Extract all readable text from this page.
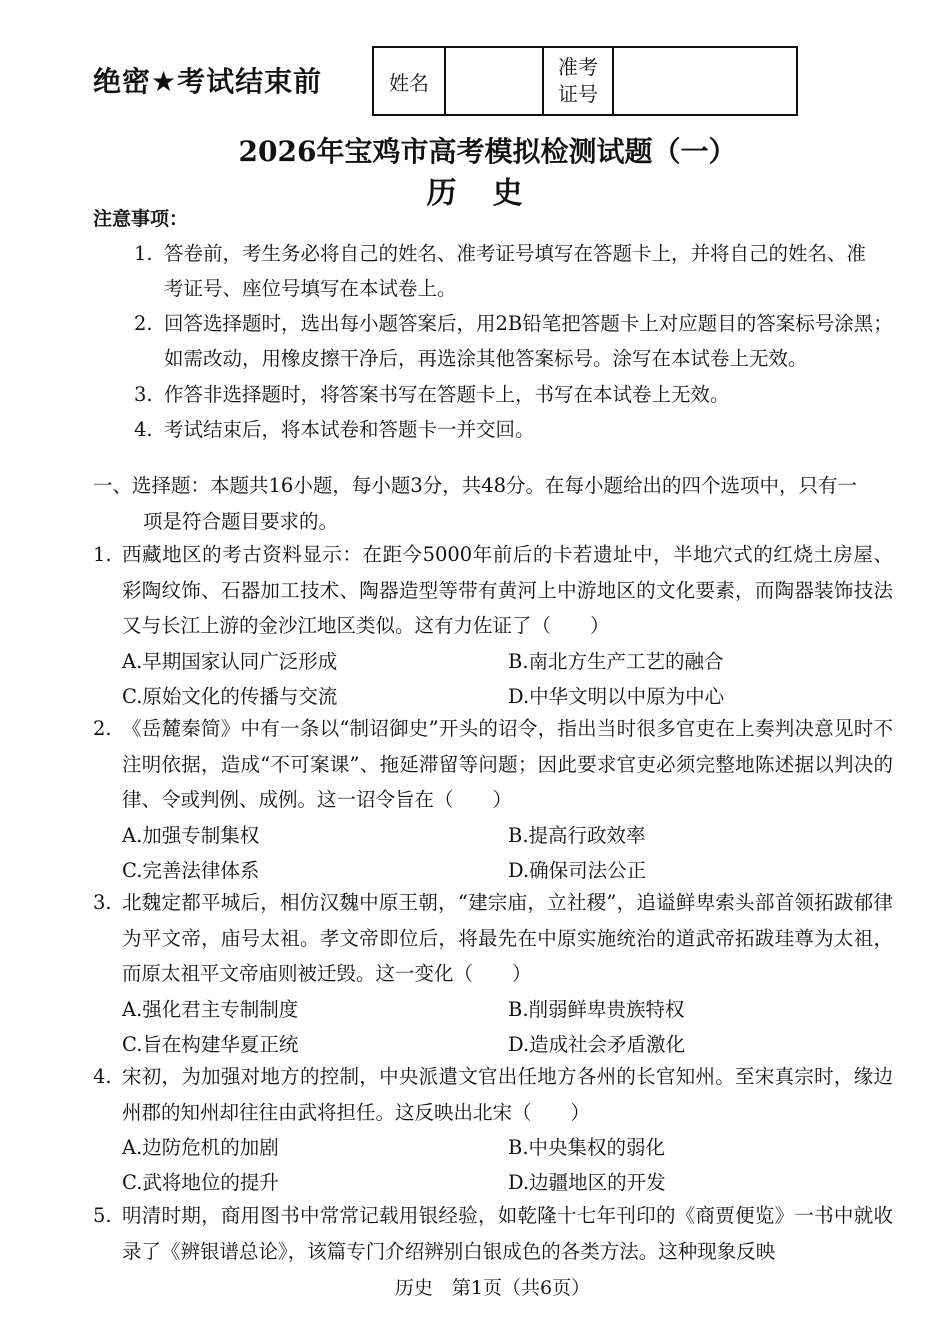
绝密★考试结束前	姓名		准考
证号	
2026年宝鸡市高考模拟检测试题（一）
历史
注意事项：

1. 答卷前，考生务必将自己的姓名、准考证号填写在答题卡上，并将自己的姓名、准
考证号、座位号填写在本试卷上。

2. 回答选择题时，选出每小题答案后，用2B铅笔把答题卡上对应题目的答案标号涂黑；
如需改动，用橡皮擦干净后，再选涂其他答案标号。涂写在本试卷上无效。

3. 作答非选择题时，将答案书写在答题卡上，书写在本试卷上无效。

4. 考试结束后，将本试卷和答题卡一并交回。

一、选择题：本题共16小题，每小题3分，共48分。在每小题给出的四个选项中，只有一
项是符合题目要求的。

1. 西藏地区的考古资料显示：在距今5000年前后的卡若遗址中，半地穴式的红烧土房屋、彩陶纹饰、石器加工技术、陶器造型等带有黄河上中游地区的文化要素，而陶器装饰技法又与长江上游的金沙江地区类似。这有力佐证了（　　）
A.早期国家认同广泛形成	B.南北方生产工艺的融合
C.原始文化的传播与交流	D.中华文明以中原为中心
2. 《岳麓秦简》中有一条以“制诏御史”开头的诏令，指出当时很多官吏在上奏判决意见时不注明依据，造成“不可案课”、拖延滞留等问题；因此要求官吏必须完整地陈述据以判决的律、令或判例、成例。这一诏令旨在（　　）
A.加强专制集权	B.提高行政效率
C.完善法律体系	D.确保司法公正
3. 北魏定都平城后，相仿汉魏中原王朝，“建宗庙，立社稷”，追谥鲜卑索头部首领拓跋郁律为平文帝，庙号太祖。孝文帝即位后，将最先在中原实施统治的道武帝拓跋珪尊为太祖，而原太祖平文帝庙则被迁毁。这一变化（　　）
A.强化君主专制制度	B.削弱鲜卑贵族特权
C.旨在构建华夏正统	D.造成社会矛盾激化
4. 宋初，为加强对地方的控制，中央派遣文官出任地方各州的长官知州。至宋真宗时，缘边州郡的知州却往往由武将担任。这反映出北宋（　　）
A.边防危机的加剧	B.中央集权的弱化
C.武将地位的提升	D.边疆地区的开发
5. 明清时期，商用图书中常常记载用银经验，如乾隆十七年刊印的《商贾便览》一书中就收录了《辨银谱总论》，该篇专门介绍辨别白银成色的各类方法。这种现象反映
历史　第1页（共6页）
